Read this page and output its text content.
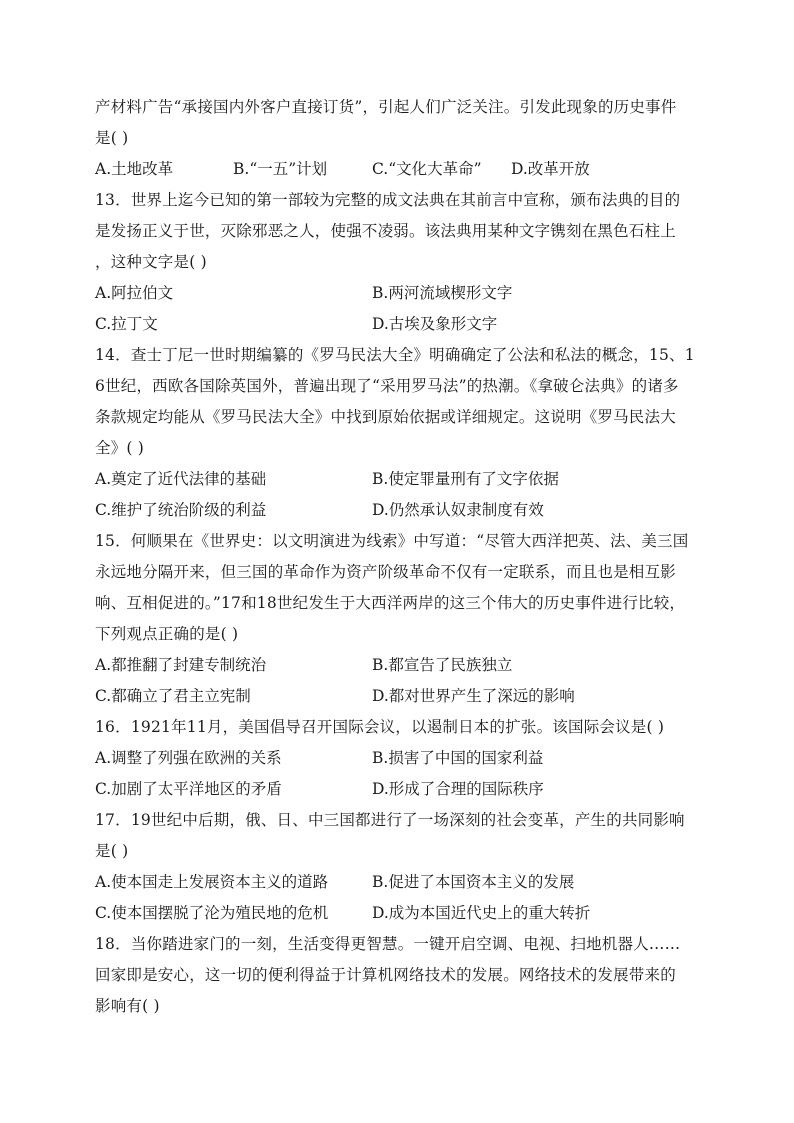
产材料广告“承接国内外客户直接订货”，引起人们广泛关注。引发此现象的历史事件
是( )
A.土地改革	B.“一五”计划	C.“文化大革命” D.改革开放
13．世界上迄今已知的第一部较为完整的成文法典在其前言中宣称，颁布法典的目的
是发扬正义于世，灭除邪恶之人，使强不凌弱。该法典用某种文字镌刻在黑色石柱上
，这种文字是( )
A.阿拉伯文	B.两河流域楔形文字
C.拉丁文	D.古埃及象形文字
14．查士丁尼一世时期编纂的《罗马民法大全》明确确定了公法和私法的概念，15、1
6世纪，西欧各国除英国外，普遍出现了“采用罗马法”的热潮。《拿破仑法典》的诸多
条款规定均能从《罗马民法大全》中找到原始依据或详细规定。这说明《罗马民法大
全》( )
A.奠定了近代法律的基础	B.使定罪量刑有了文字依据
C.维护了统治阶级的利益	D.仍然承认奴隶制度有效
15．何顺果在《世界史：以文明演进为线索》中写道：“尽管大西洋把英、法、美三国
永远地分隔开来，但三国的革命作为资产阶级革命不仅有一定联系，而且也是相互影
响、互相促进的。”17和18世纪发生于大西洋两岸的这三个伟大的历史事件进行比较，
下列观点正确的是( )
A.都推翻了封建专制统治	B.都宣告了民族独立
C.都确立了君主立宪制	D.都对世界产生了深远的影响
16．1921年11月，美国倡导召开国际会议，以遏制日本的扩张。该国际会议是( )
A.调整了列强在欧洲的关系	B.损害了中国的国家利益
C.加剧了太平洋地区的矛盾	D.形成了合理的国际秩序
17．19世纪中后期，俄、日、中三国都进行了一场深刻的社会变革，产生的共同影响
是( )
A.使本国走上发展资本主义的道路	B.促进了本国资本主义的发展
C.使本国摆脱了沦为殖民地的危机	D.成为本国近代史上的重大转折
18．当你踏进家门的一刻，生活变得更智慧。一键开启空调、电视、扫地机器人……
回家即是安心，这一切的便利得益于计算机网络技术的发展。网络技术的发展带来的
影响有( )
